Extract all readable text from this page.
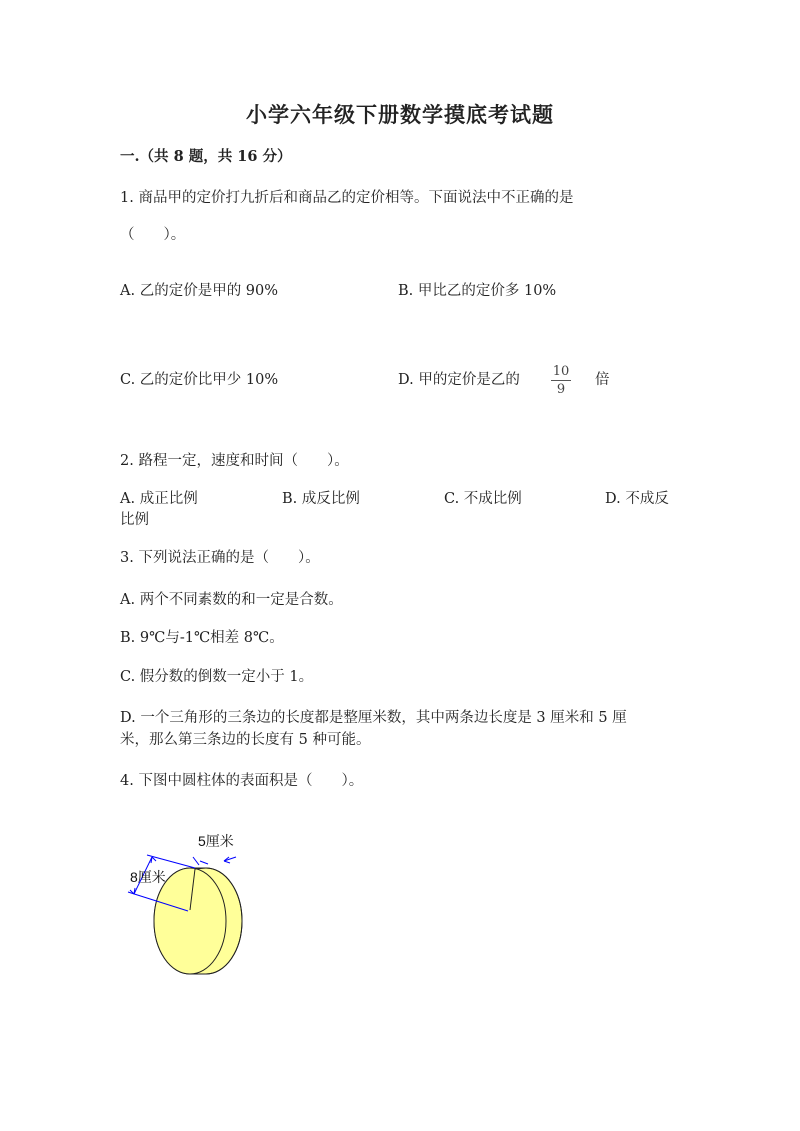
小学六年级下册数学摸底考试题
一.（共 8 题，共 16 分）
1. 商品甲的定价打九折后和商品乙的定价相等。下面说法中不正确的是
（　　）。
A. 乙的定价是甲的 90%	B. 甲比乙的定价多 10%
C. 乙的定价比甲少 10%	D. 甲的定价是乙的
10
9
倍
2. 路程一定，速度和时间（　　）。
A. 成正比例	B. 成反比例	C. 不成比例	D. 不成反
比例
3. 下列说法正确的是（　　）。
A. 两个不同素数的和一定是合数。
B. 9℃与-1℃相差 8℃。
C. 假分数的倒数一定小于 1。
D. 一个三角形的三条边的长度都是整厘米数，其中两条边长度是 3 厘米和 5 厘
米，那么第三条边的长度有 5 种可能。
4. 下图中圆柱体的表面积是（　　）。
5厘米
8厘米
